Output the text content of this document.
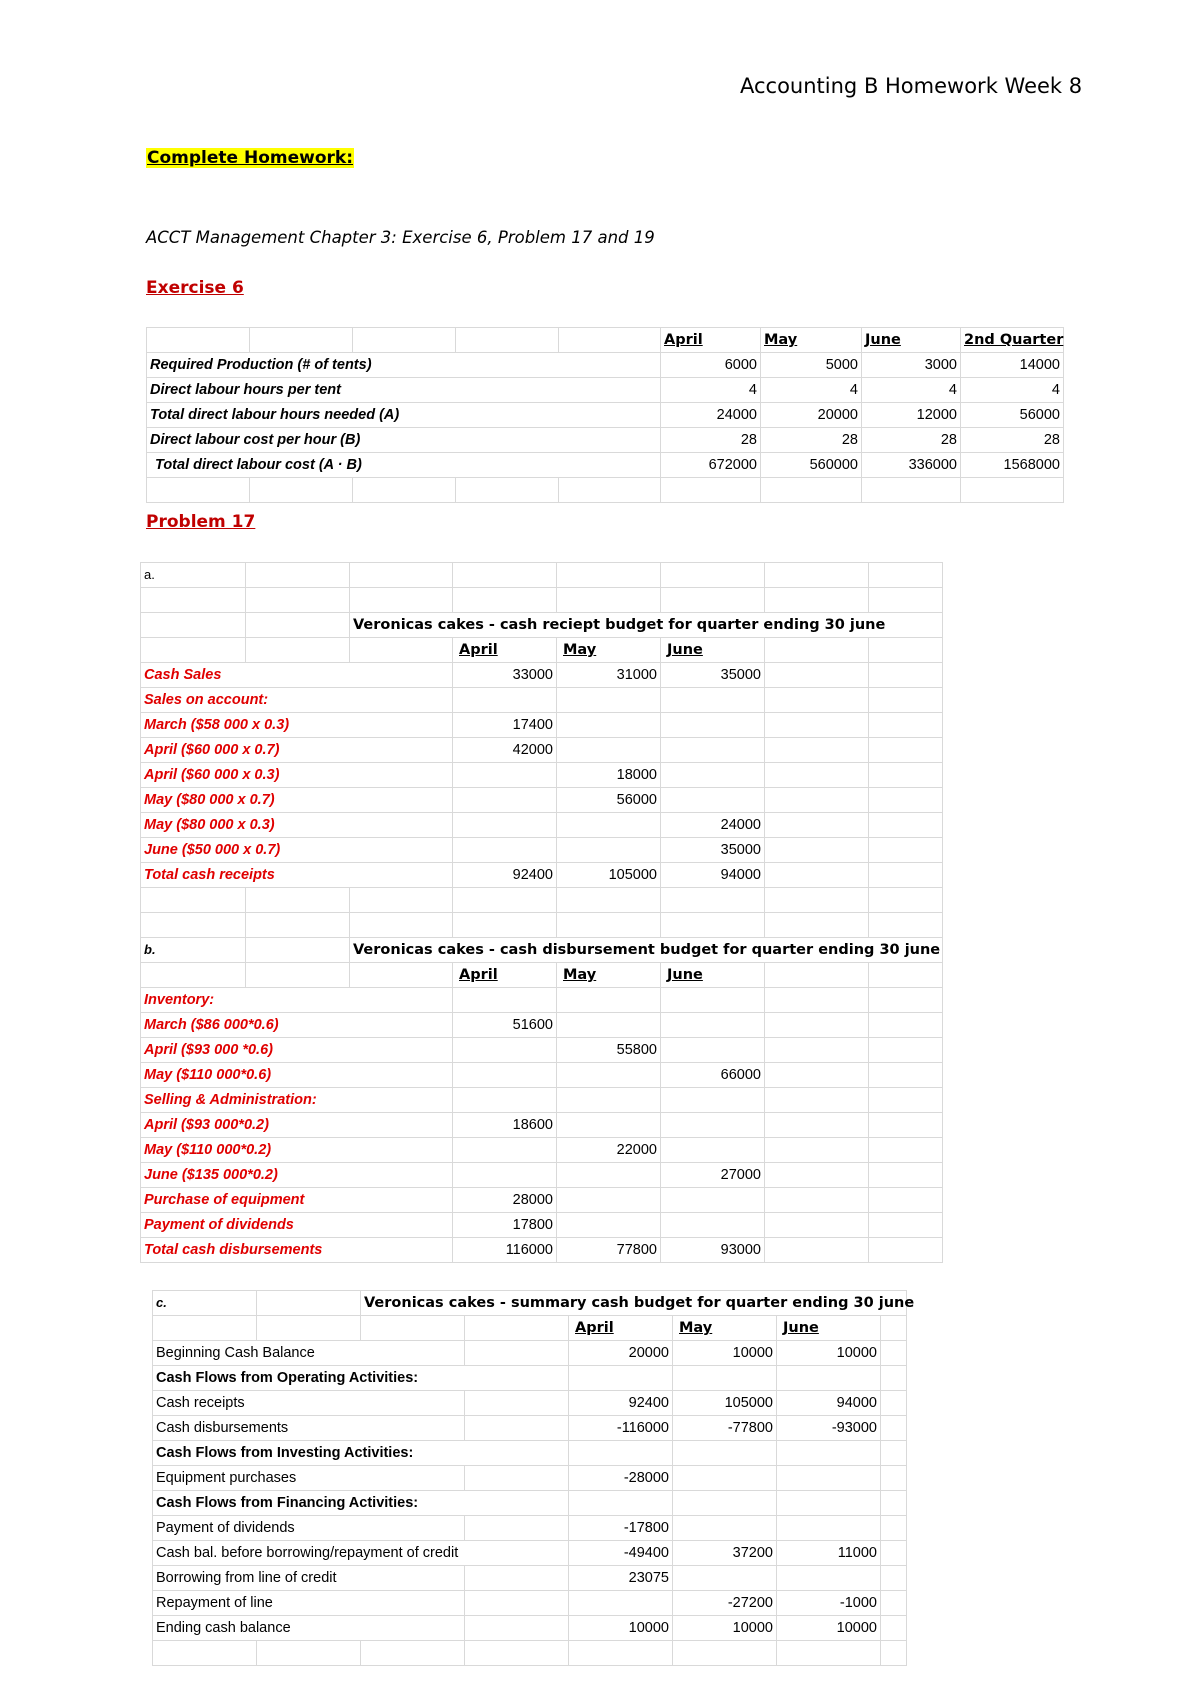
Accounting B Homework Week 8
Complete Homework:
ACCT Management Chapter 3: Exercise 6, Problem 17 and 19
Exercise 6
					April	May	June	2nd Quarter
Required Production (# of tents)					6000	5000	3000	14000
Direct labour hours per tent					4	4	4	4
Total direct labour hours needed (A)					24000	20000	12000	56000
Direct labour cost per hour (B)					28	28	28	28
Total direct labour cost (A · B)					672000	560000	336000	1568000

Problem 17
a.							

		Veronicas cakes - cash reciept budget for quarter ending 30 june					
			April	May	June		
Cash Sales			33000	31000	35000		
Sales on account:							
March ($58 000 x 0.3)			17400				
April ($60 000 x 0.7)			42000				
April ($60 000 x 0.3)				18000			
May ($80 000 x 0.7)				56000			
May ($80 000 x 0.3)					24000		
June ($50 000 x 0.7)					35000		
Total cash receipts			92400	105000	94000		

b.		Veronicas cakes - cash disbursement budget for quarter ending 30 june					
			April	May	June		
Inventory:							
March ($86 000*0.6)			51600				
April ($93 000 *0.6)				55800			
May ($110 000*0.6)					66000		
Selling & Administration:							
April ($93 000*0.2)			18600				
May ($110 000*0.2)				22000			
June ($135 000*0.2)					27000		
Purchase of equipment			28000				
Payment of dividends			17800				
Total cash disbursements			116000	77800	93000		
c.		Veronicas cakes - summary cash budget for quarter ending 30 june					
				April	May	June	
Beginning Cash Balance				20000	10000	10000	
Cash Flows from Operating Activities:							
Cash receipts				92400	105000	94000	
Cash disbursements				-116000	-77800	-93000	
Cash Flows from Investing Activities:							
Equipment purchases				-28000			
Cash Flows from Financing Activities:							
Payment of dividends				-17800			
Cash bal. before borrowing/repayment of credit				-49400	37200	11000	
Borrowing from line of credit				23075			
Repayment of line					-27200	-1000	
Ending cash balance				10000	10000	10000	
